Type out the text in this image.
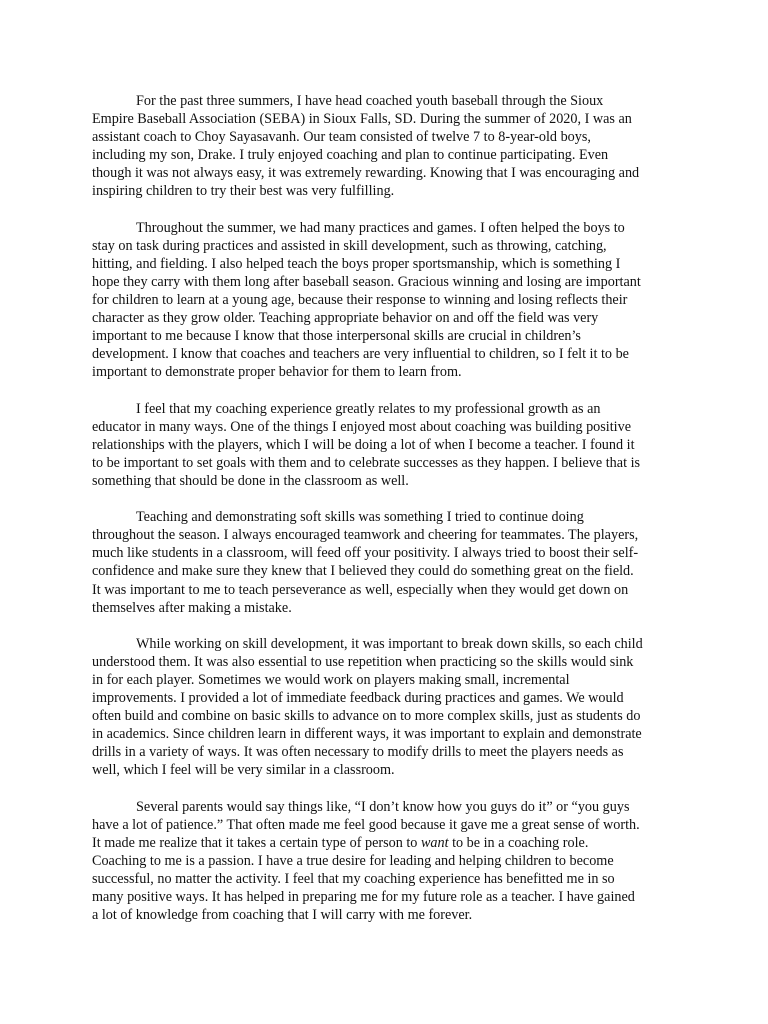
For the past three summers, I have head coached youth baseball through the Sioux
Empire Baseball Association (SEBA) in Sioux Falls, SD. During the summer of 2020, I was an
assistant coach to Choy Sayasavanh. Our team consisted of twelve 7 to 8-year-old boys,
including my son, Drake. I truly enjoyed coaching and plan to continue participating. Even
though it was not always easy, it was extremely rewarding. Knowing that I was encouraging and
inspiring children to try their best was very fulfilling.

Throughout the summer, we had many practices and games. I often helped the boys to
stay on task during practices and assisted in skill development, such as throwing, catching,
hitting, and fielding. I also helped teach the boys proper sportsmanship, which is something I
hope they carry with them long after baseball season. Gracious winning and losing are important
for children to learn at a young age, because their response to winning and losing reflects their
character as they grow older. Teaching appropriate behavior on and off the field was very
important to me because I know that those interpersonal skills are crucial in children’s
development. I know that coaches and teachers are very influential to children, so I felt it to be
important to demonstrate proper behavior for them to learn from.

I feel that my coaching experience greatly relates to my professional growth as an
educator in many ways. One of the things I enjoyed most about coaching was building positive
relationships with the players, which I will be doing a lot of when I become a teacher. I found it
to be important to set goals with them and to celebrate successes as they happen. I believe that is
something that should be done in the classroom as well.

Teaching and demonstrating soft skills was something I tried to continue doing
throughout the season. I always encouraged teamwork and cheering for teammates. The players,
much like students in a classroom, will feed off your positivity. I always tried to boost their self-
confidence and make sure they knew that I believed they could do something great on the field.
It was important to me to teach perseverance as well, especially when they would get down on
themselves after making a mistake.

While working on skill development, it was important to break down skills, so each child
understood them. It was also essential to use repetition when practicing so the skills would sink
in for each player. Sometimes we would work on players making small, incremental
improvements. I provided a lot of immediate feedback during practices and games. We would
often build and combine on basic skills to advance on to more complex skills, just as students do
in academics. Since children learn in different ways, it was important to explain and demonstrate
drills in a variety of ways. It was often necessary to modify drills to meet the players needs as
well, which I feel will be very similar in a classroom.

Several parents would say things like, “I don’t know how you guys do it” or “you guys
have a lot of patience.” That often made me feel good because it gave me a great sense of worth.
It made me realize that it takes a certain type of person to want to be in a coaching role.
Coaching to me is a passion. I have a true desire for leading and helping children to become
successful, no matter the activity. I feel that my coaching experience has benefitted me in so
many positive ways. It has helped in preparing me for my future role as a teacher. I have gained
a lot of knowledge from coaching that I will carry with me forever.
